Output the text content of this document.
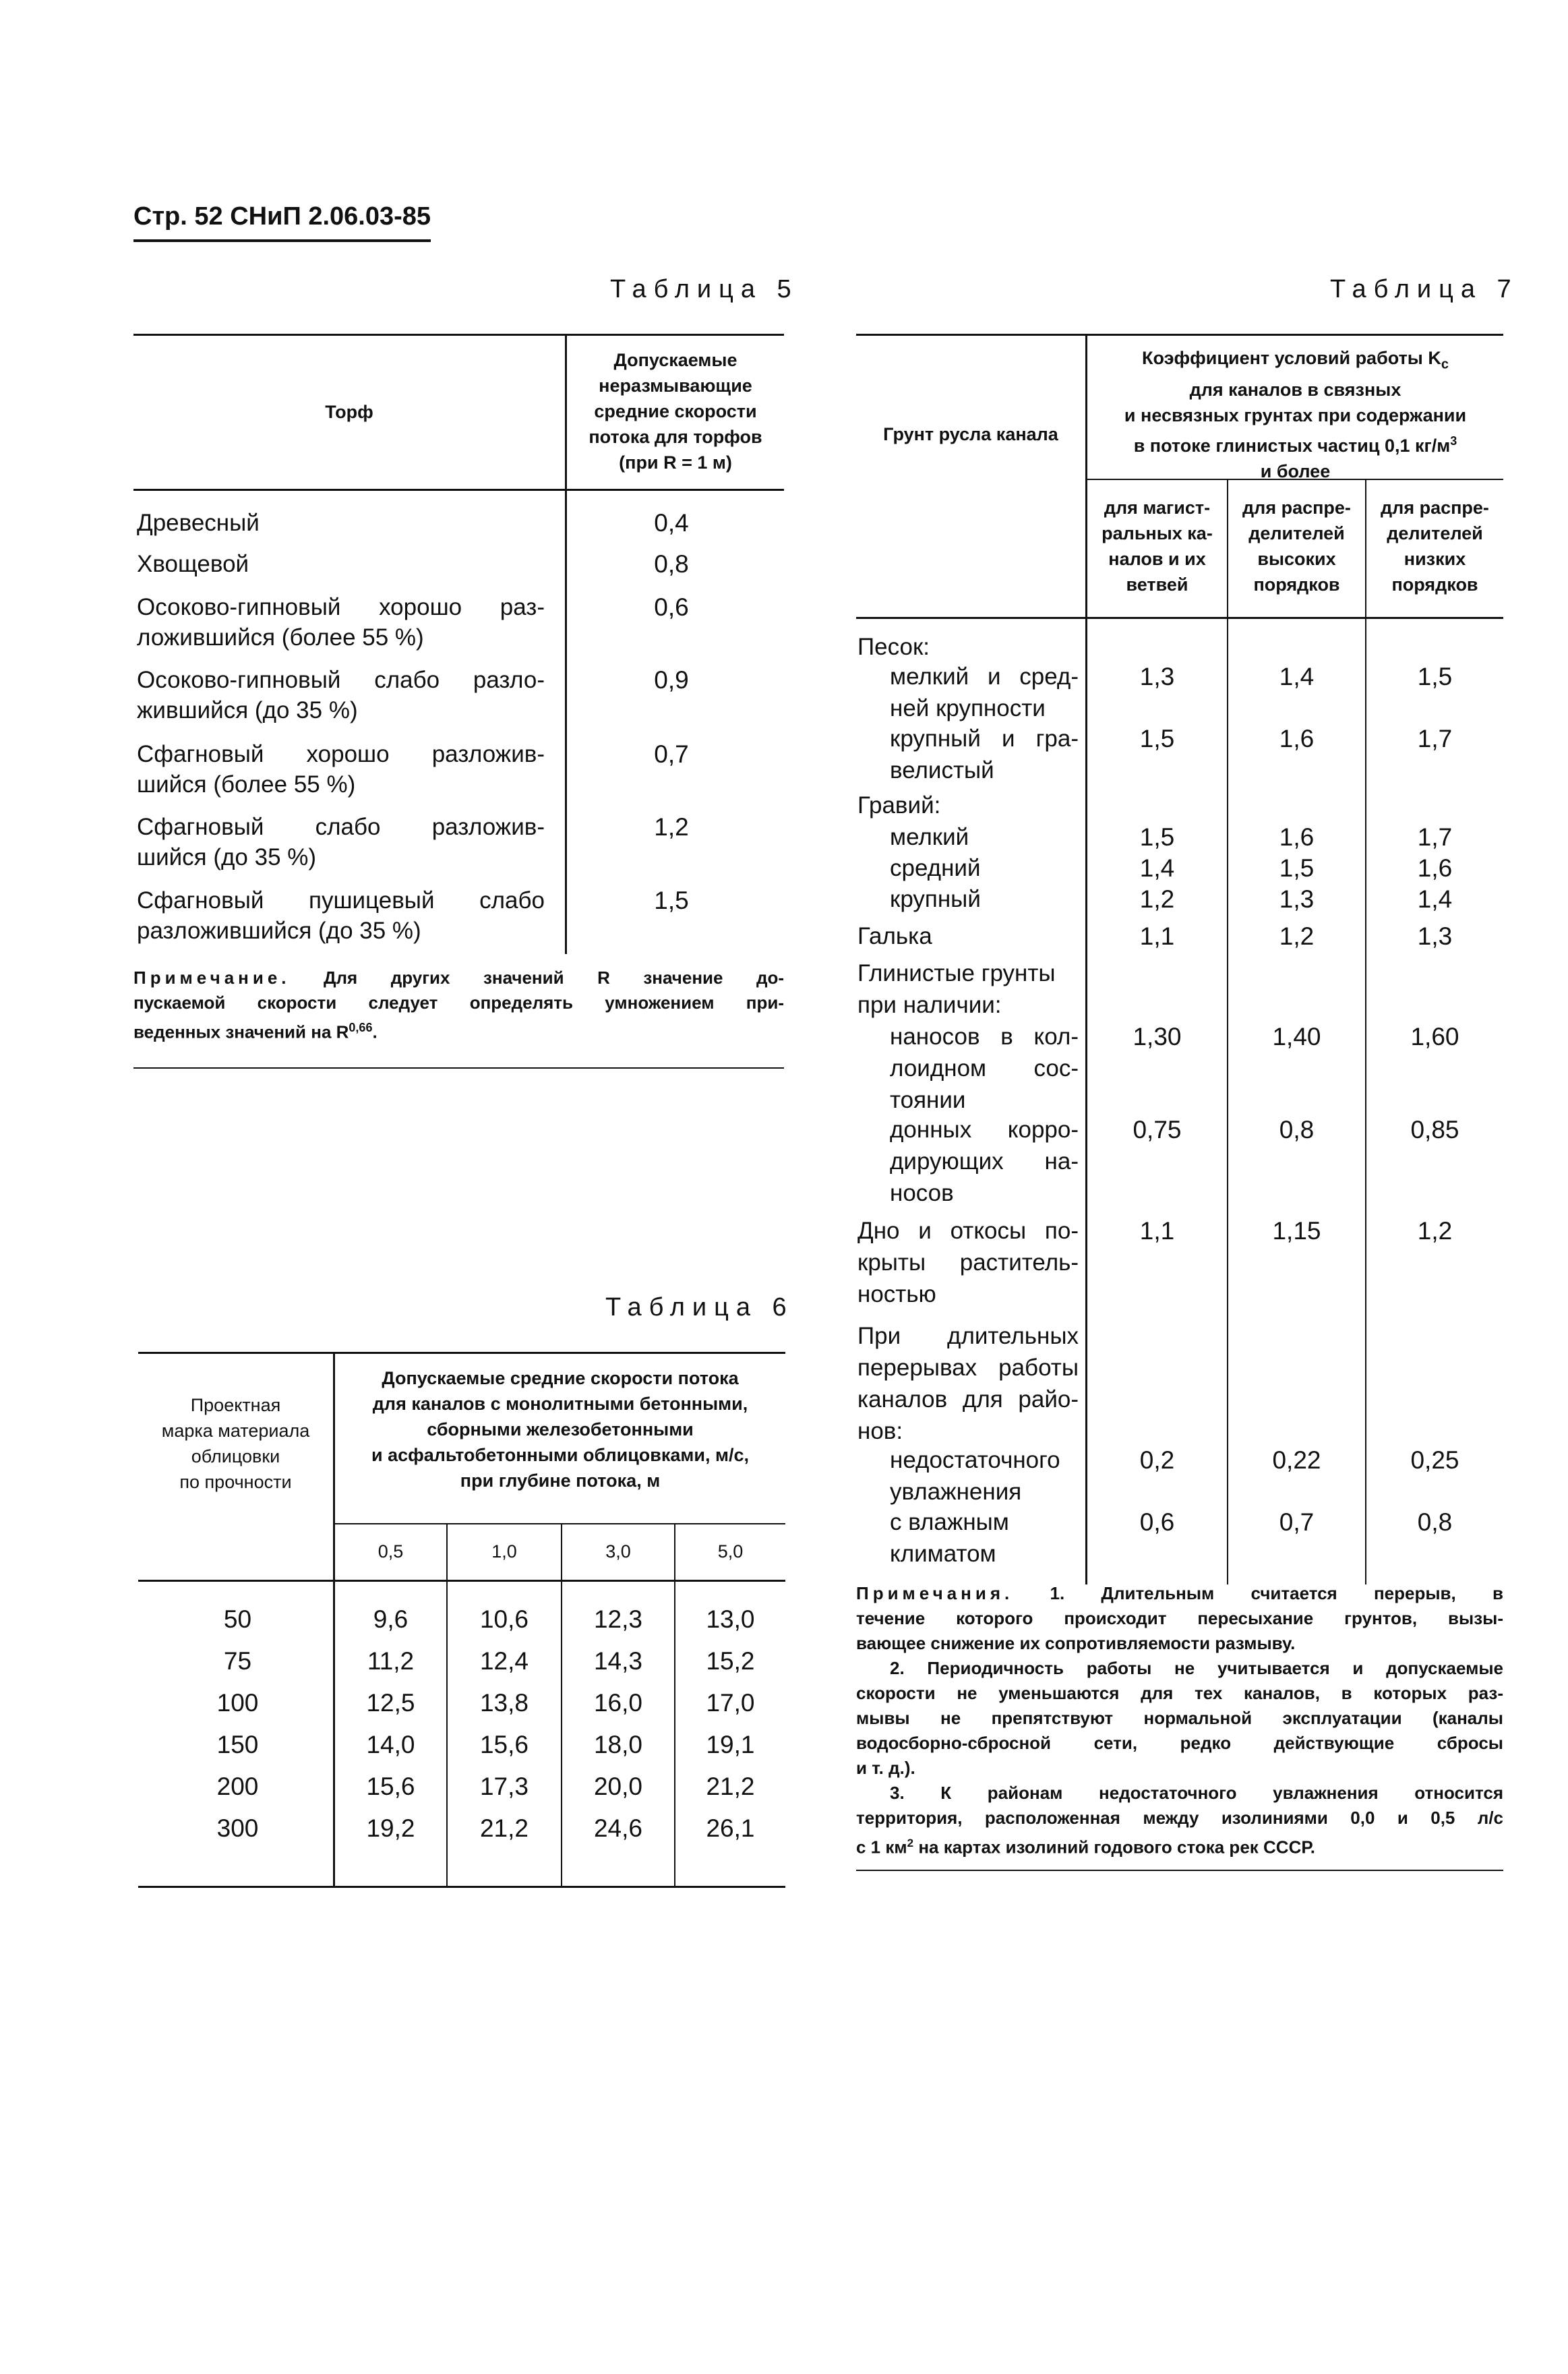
Стр. 52 СНиП 2.06.03-85
Таблица 5
Торф
Допускаемые
неразмывающие
средние скорости
потока для торфов
(при R = 1 м)
Древесный	0,4
Хвощевой	0,8
Осоково-гипновый хорошо раз-
ложившийся (более 55 %)
0,6
Осоково-гипновый слабо разло-
жившийся (до 35 %)
0,9
Сфагновый хорошо разложив-
шийся (более 55 %)
0,7
Сфагновый слабо разложив-
шийся (до 35 %)
1,2
Сфагновый пушицевый слабо
разложившийся (до 35 %)
1,5
Примечание. Для других значений R значение до-
пускаемой скорости следует определять умножением при-
веденных значений на R$^{0,66}$.
Таблица 6
Проектная
марка материала
облицовки
по прочности
Допускаемые средние скорости потока
для каналов с монолитными бетонными,
сборными железобетонными
и асфальтобетонными облицовками, м/с,
при глубине потока, м
0,5	1,0	3,0	5,0
50	9,6	10,6	12,3	13,0
75	11,2	12,4	14,3	15,2
100	12,5	13,8	16,0	17,0
150	14,0	15,6	18,0	19,1
200	15,6	17,3	20,0	21,2
300	19,2	21,2	24,6	26,1
Таблица 7
Грунт русла канала
Коэффициент условий работы $K_c$
для каналов в связных
и несвязных грунтах при содержании
в потоке глинистых частиц 0,1 $кг/м^3$
и более
для магист-
ральных ка-
налов и их
ветвей
для распре-
делителей
высоких
порядков
для распре-
делителей
низких
порядков
Песок:
мелкий и сред-
ней крупности
1,3	1,4	1,5
крупный и гра-
велистый
1,5	1,6	1,7
Гравий:
мелкий	1,5	1,6	1,7
средний	1,4	1,5	1,6
крупный	1,2	1,3	1,4
Галька	1,1	1,2	1,3
Глинистые грунты
при наличии:
наносов в кол-
лоидном сос-
тоянии
1,30	1,40	1,60
донных корро-
дирующих на-
носов
0,75	0,8	0,85
Дно и откосы по-
крыты раститель-
ностью
1,1	1,15	1,2
При длительных
перерывах работы
каналов для райо-
нов:
недостаточного
увлажнения
0,2	0,22	0,25
с влажным
климатом
0,6	0,7	0,8
Примечания. 1. Длительным считается перерыв, в
течение которого происходит пересыхание грунтов, вызы-
вающее снижение их сопротивляемости размыву.
2. Периодичность работы не учитывается и допускаемые
скорости не уменьшаются для тех каналов, в которых раз-
мывы не препятствуют нормальной эксплуатации (каналы
водосборно-сбросной сети, редко действующие сбросы
и т. д.).
3. К районам недостаточного увлажнения относится
территория, расположенная между изолиниями 0,0 и 0,5 л/с
с 1 $км^2$ на картах изолиний годового стока рек СССР.
